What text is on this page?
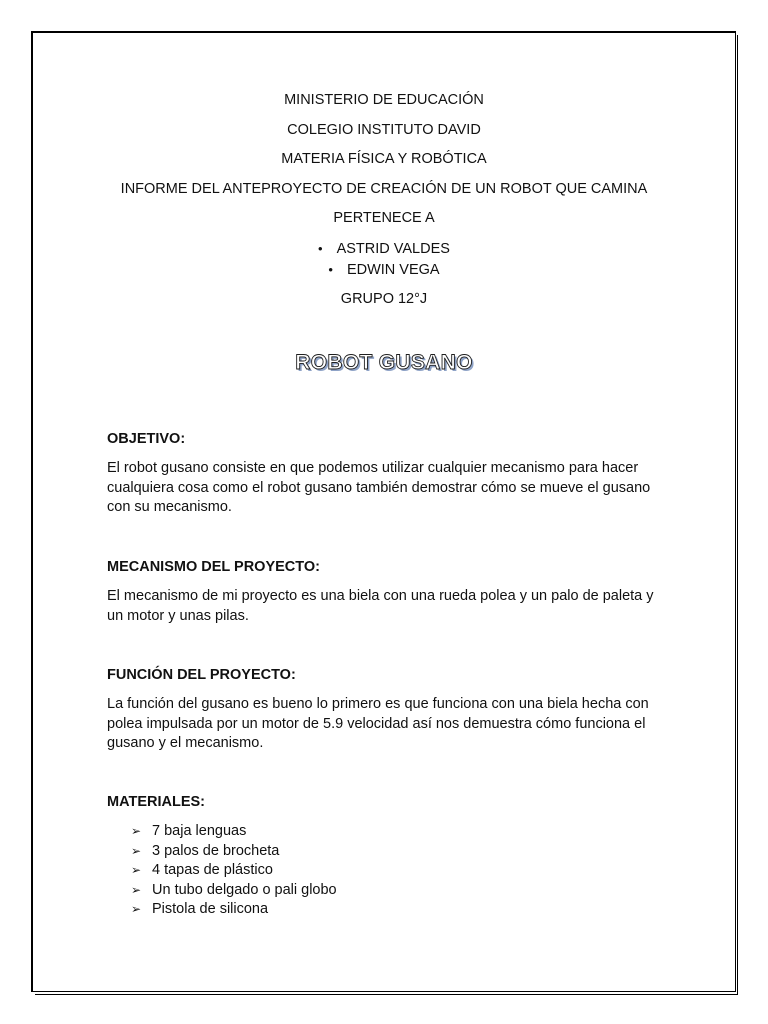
MINISTERIO DE EDUCACIÓN
COLEGIO INSTITUTO DAVID
MATERIA FÍSICA Y ROBÓTICA
INFORME DEL ANTEPROYECTO DE CREACIÓN DE UN ROBOT QUE CAMINA
PERTENECE A
• ASTRID VALDES
• EDWIN VEGA
GRUPO 12°J
ROBOT GUSANO
OBJETIVO:
El robot gusano consiste en que podemos utilizar cualquier mecanismo para hacer cualquiera cosa como el robot gusano también demostrar cómo se mueve el gusano con su mecanismo.
MECANISMO DEL PROYECTO:
El mecanismo de mi proyecto es una biela con una rueda polea y un palo de paleta y un motor y unas pilas.
FUNCIÓN DEL PROYECTO:
La función del gusano es bueno lo primero es que funciona con una biela hecha con polea impulsada por un motor de 5.9 velocidad así nos demuestra cómo funciona el gusano y el mecanismo.
MATERIALES:
➢ 7 baja lenguas
➢ 3 palos de brocheta
➢ 4 tapas de plástico
➢ Un tubo delgado o pali globo
➢ Pistola de silicona
